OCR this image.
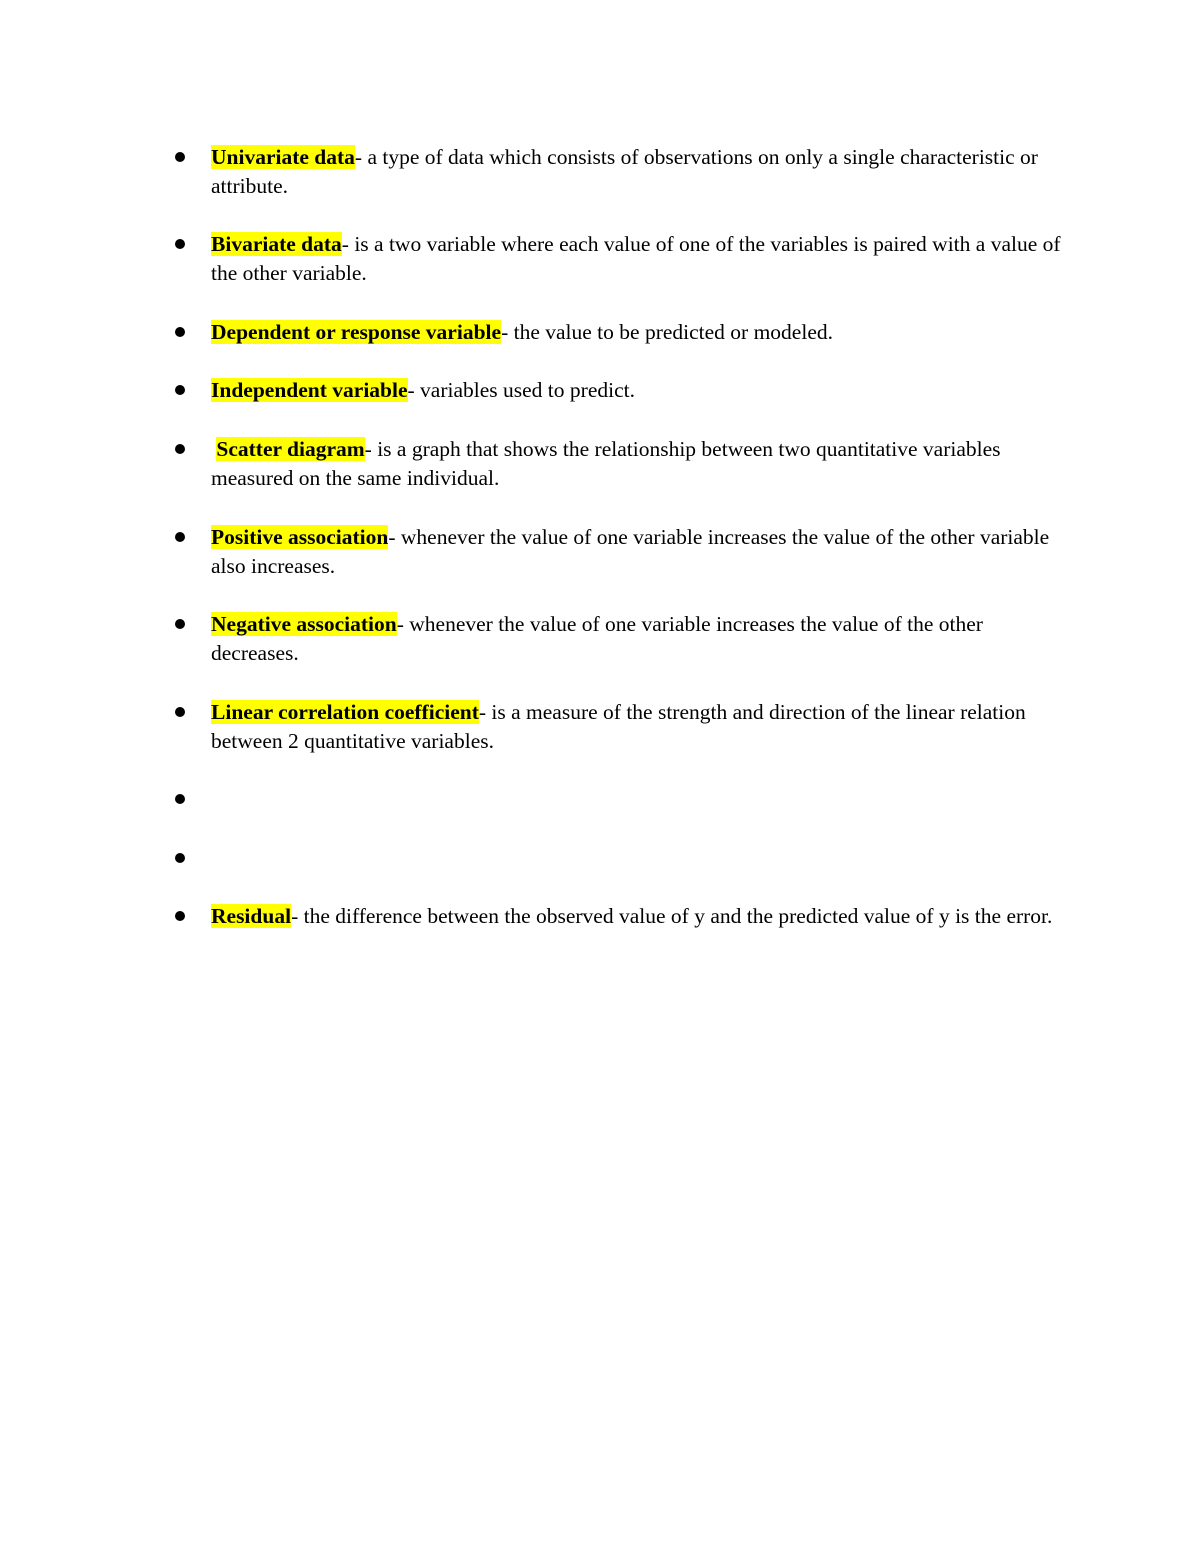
Univariate data- a type of data which consists of observations on only a single characteristic or attribute.

Bivariate data- is a two variable where each value of one of the variables is paired with a value of the other variable.

Dependent or response variable- the value to be predicted or modeled.

Independent variable- variables used to predict.

Scatter diagram- is a graph that shows the relationship between two quantitative variables measured on the same individual.

Positive association- whenever the value of one variable increases the value of the other variable also increases.

Negative association- whenever the value of one variable increases the value of the other decreases.

Linear correlation coefficient- is a measure of the strength and direction of the linear relation between 2 quantitative variables.

Residual- the difference between the observed value of y and the predicted value of y is the error.
